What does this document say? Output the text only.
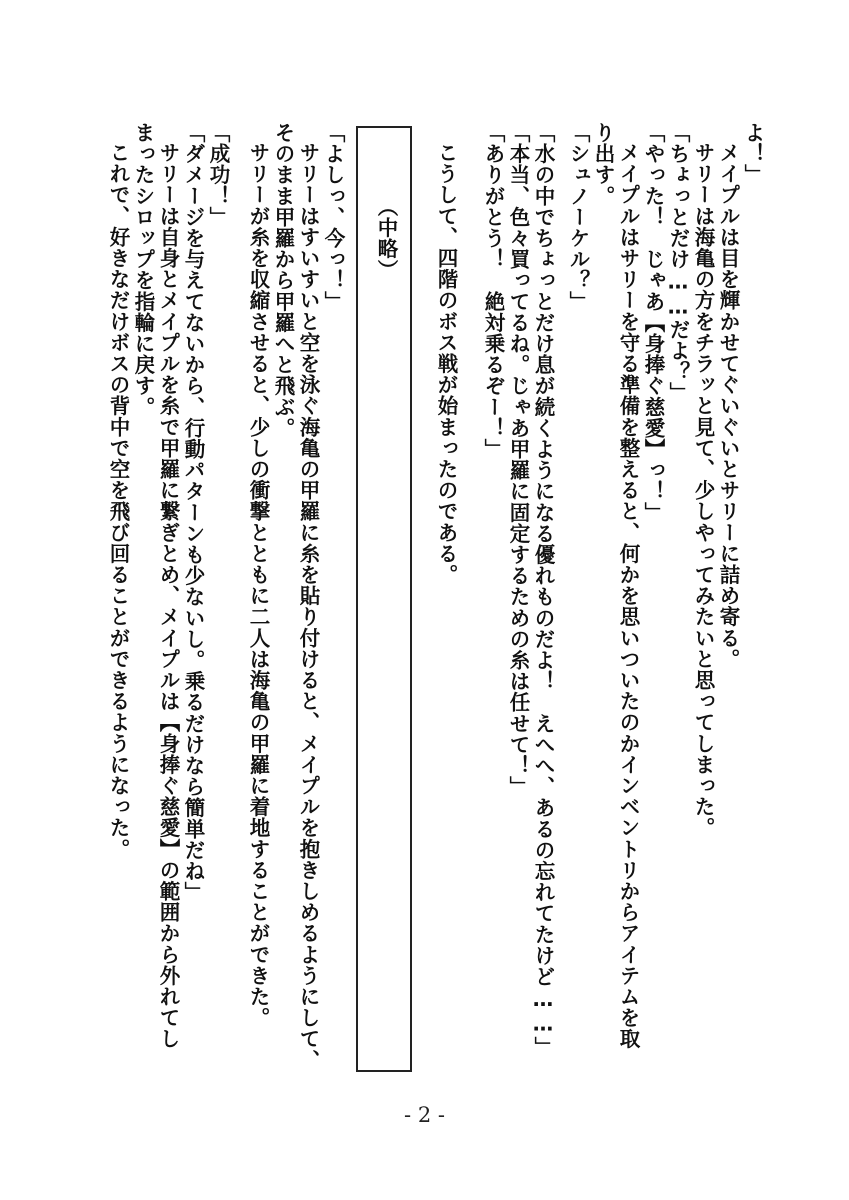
よ！」
メイプルは目を輝かせてぐいぐいとサリーに詰め寄る。
サリーは海亀の方をチラッと見て、少しやってみたいと思ってしまった。
「ちょっとだけ……だよ？」
「やった！　じゃあ【身捧ぐ慈愛】っ！」
メイプルはサリーを守る準備を整えると、何かを思いついたのかインベントリからアイテムを取
り出す。
「シュノーケル？」
「水の中でちょっとだけ息が続くようになる優れものだよ！　えへへ、あるの忘れてたけど……」
「本当、色々買ってるね。じゃあ甲羅に固定するための糸は任せて！」
「ありがとう！　絶対乗るぞー！」
こうして、四階のボス戦が始まったのである。
（中略）
「よしっ、今っ！」
サリーはすいすいと空を泳ぐ海亀の甲羅に糸を貼り付けると、メイプルを抱きしめるようにして、
そのまま甲羅から甲羅へと飛ぶ。
サリーが糸を収縮させると、少しの衝撃とともに二人は海亀の甲羅に着地することができた。
「成功！」
「ダメージを与えてないから、行動パターンも少ないし。乗るだけなら簡単だね」
サリーは自身とメイプルを糸で甲羅に繋ぎとめ、メイプルは【身捧ぐ慈愛】の範囲から外れてし
まったシロップを指輪に戻す。
これで、好きなだけボスの背中で空を飛び回ることができるようになった。
- 2 -
